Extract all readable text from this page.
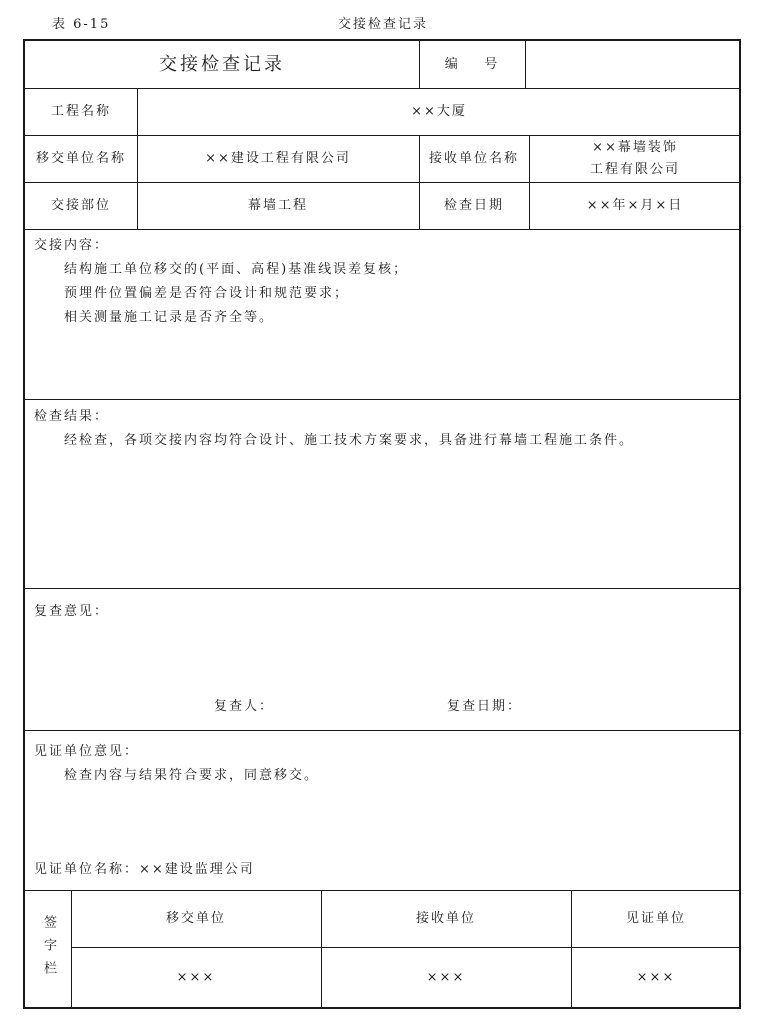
表 6-15	交接检查记录
交接检查记录	编    号
工程名称	××大厦
移交单位名称	××建设工程有限公司	接收单位名称
××幕墙装饰
工程有限公司
交接部位	幕墙工程	检查日期	××年×月×日
交接内容：
结构施工单位移交的(平面、高程)基准线误差复核；
预埋件位置偏差是否符合设计和规范要求；
相关测量施工记录是否齐全等。
检查结果：
经检查，各项交接内容均符合设计、施工技术方案要求，具备进行幕墙工程施工条件。
复查意见：
复查人：	复查日期：
见证单位意见：
检查内容与结果符合要求，同意移交。
见证单位名称：××建设监理公司
签字栏	移交单位	接收单位	见证单位
×××	×××	×××
